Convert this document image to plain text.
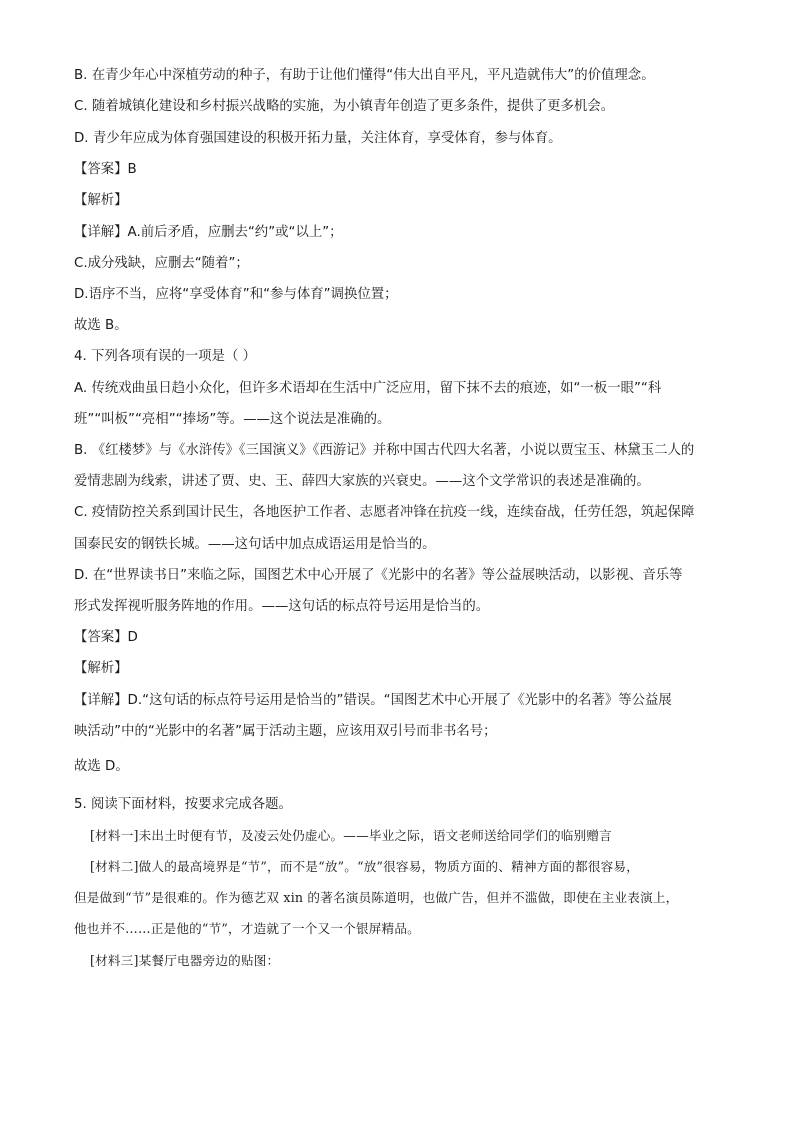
B. 在青少年心中深植劳动的种子，有助于让他们懂得“伟大出自平凡，平凡造就伟大”的价值理念。
C. 随着城镇化建设和乡村振兴战略的实施，为小镇青年创造了更多条件，提供了更多机会。
D. 青少年应成为体育强国建设的积极开拓力量，关注体育，享受体育，参与体育。
【答案】B
【解析】
【详解】A.前后矛盾，应删去“约”或“以上”；
C.成分残缺，应删去“随着”；
D.语序不当，应将“享受体育”和“参与体育”调换位置；
故选 B。
4. 下列各项有误的一项是（ ）
A. 传统戏曲虽日趋小众化，但许多术语却在生活中广泛应用，留下抹不去的痕迹，如“一板一眼”“科
班”“叫板”“亮相”“捧场”等。——这个说法是准确的。
B. 《红楼梦》与《水浒传》《三国演义》《西游记》并称中国古代四大名著，小说以贾宝玉、林黛玉二人的
爱情悲剧为线索，讲述了贾、史、王、薛四大家族的兴衰史。——这个文学常识的表述是准确的。
C. 疫情防控关系到国计民生，各地医护工作者、志愿者冲锋在抗疫一线，连续奋战，任劳任怨，筑起保障
国泰民安的钢铁长城。——这句话中加点成语运用是恰当的。
D. 在“世界读书日”来临之际，国图艺术中心开展了《光影中的名著》等公益展映活动，以影视、音乐等
形式发挥视听服务阵地的作用。——这句话的标点符号运用是恰当的。
【答案】D
【解析】
【详解】D.“这句话的标点符号运用是恰当的”错误。“国图艺术中心开展了《光影中的名著》等公益展
映活动”中的“光影中的名著”属于活动主题，应该用双引号而非书名号；
故选 D。
5. 阅读下面材料，按要求完成各题。
[材料一]未出土时便有节，及凌云处仍虚心。——毕业之际，语文老师送给同学们的临别赠言
[材料二]做人的最高境界是“节”，而不是“放”。“放”很容易，物质方面的、精神方面的都很容易，
但是做到“节”是很难的。作为德艺双 xin 的著名演员陈道明，也做广告，但并不滥做，即使在主业表演上，
他也并不……正是他的“节”，才造就了一个又一个银屏精品。
[材料三]某餐厅电器旁边的贴图：
